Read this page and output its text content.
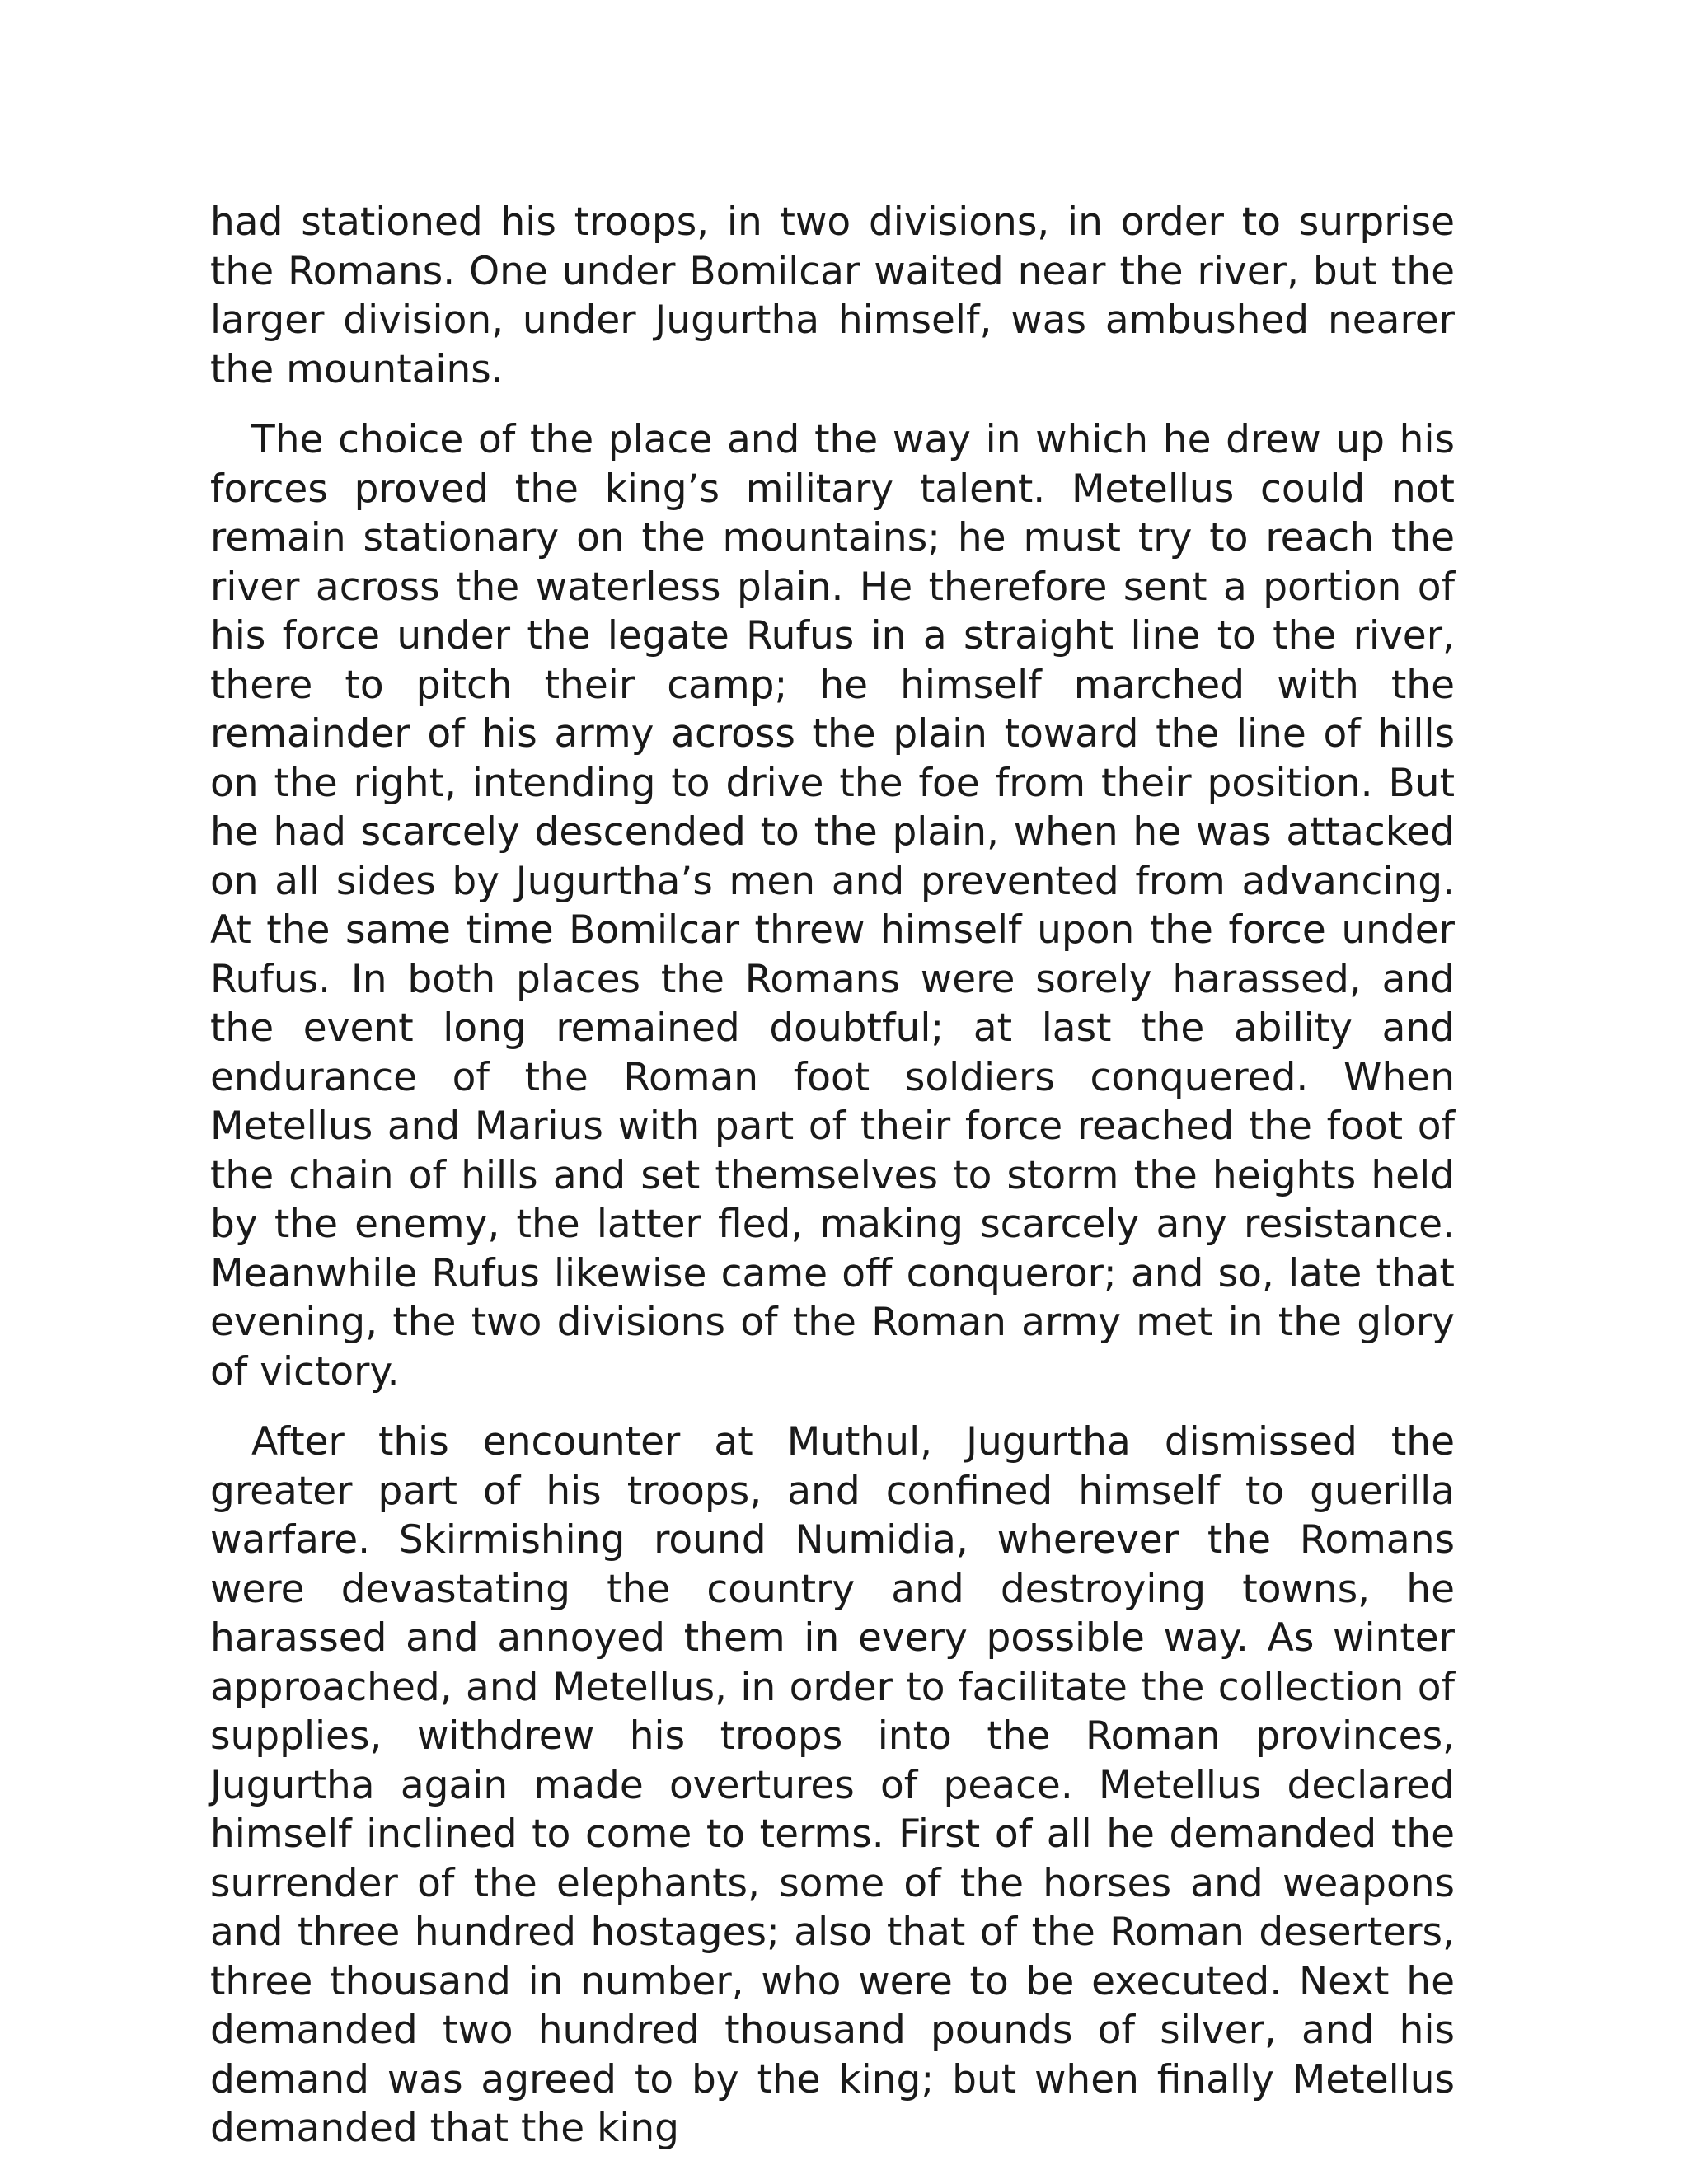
had stationed his troops, in two divisions, in order to surprise the Romans. One under Bomilcar waited near the river, but the larger division, under Jugurtha himself, was ambushed nearer the mountains.

The choice of the place and the way in which he drew up his forces proved the king’s military talent. Metellus could not remain stationary on the mountains; he must try to reach the river across the waterless plain. He therefore sent a portion of his force under the legate Rufus in a straight line to the river, there to pitch their camp; he himself marched with the remainder of his army across the plain toward the line of hills on the right, intending to drive the foe from their position. But he had scarcely descended to the plain, when he was attacked on all sides by Jugurtha’s men and prevented from advancing. At the same time Bomilcar threw himself upon the force under Rufus. In both places the Romans were sorely harassed, and the event long remained doubtful; at last the ability and endurance of the Roman foot soldiers conquered. When Metellus and Marius with part of their force reached the foot of the chain of hills and set themselves to storm the heights held by the enemy, the latter fled, making scarcely any resistance. Meanwhile Rufus likewise came off conqueror; and so, late that evening, the two divisions of the Roman army met in the glory of victory.

After this encounter at Muthul, Jugurtha dismissed the greater part of his troops, and confined himself to guerilla warfare. Skirmishing round Numidia, wherever the Romans were devastating the country and destroying towns, he harassed and annoyed them in every possible way. As winter approached, and Metellus, in order to facilitate the collection of supplies, withdrew his troops into the Roman provinces, Jugurtha again made overtures of peace. Metellus declared himself inclined to come to terms. First of all he demanded the surrender of the elephants, some of the horses and weapons and three hundred hostages; also that of the Roman deserters, three thousand in number, who were to be executed. Next he demanded two hundred thousand pounds of silver, and his demand was agreed to by the king; but when finally Metellus demanded that the king
